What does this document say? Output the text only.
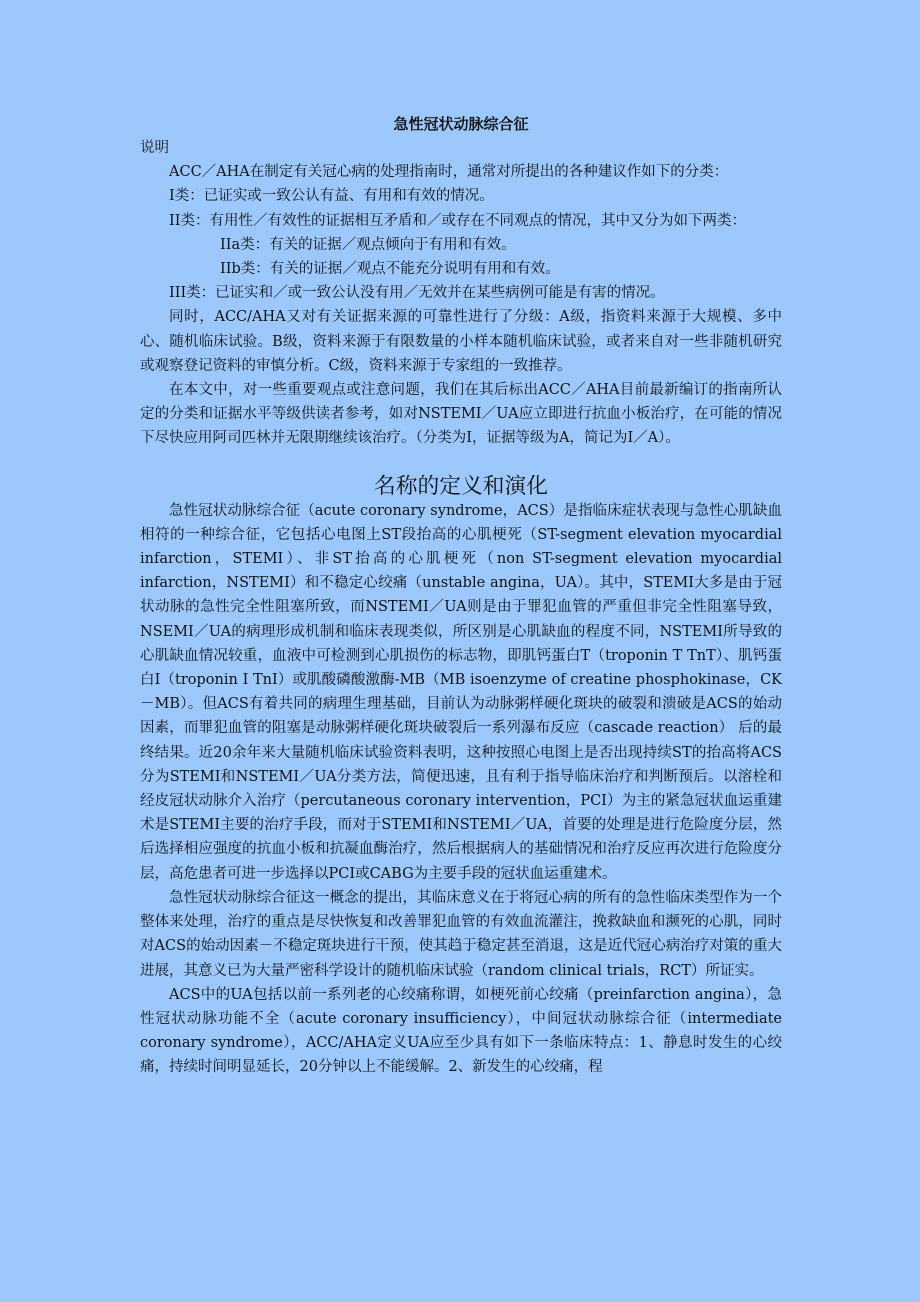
急性冠状动脉综合征

说明

ACC／AHA在制定有关冠心病的处理指南时，通常对所提出的各种建议作如下的分类：

I类：已证实或一致公认有益、有用和有效的情况。

II类：有用性／有效性的证据相互矛盾和／或存在不同观点的情况，其中又分为如下两类：

IIa类：有关的证据／观点倾向于有用和有效。

IIb类：有关的证据／观点不能充分说明有用和有效。

III类：已证实和／或一致公认没有用／无效并在某些病例可能是有害的情况。

同时，ACC/AHA又对有关证据来源的可靠性进行了分级：A级，指资料来源于大规模、多中心、随机临床试验。B级，资料来源于有限数量的小样本随机临床试验，或者来自对一些非随机研究或观察登记资料的审慎分析。C级，资料来源于专家组的一致推荐。

在本文中，对一些重要观点或注意问题，我们在其后标出ACC／AHA目前最新编订的指南所认定的分类和证据水平等级供读者参考，如对NSTEMI／UA应立即进行抗血小板治疗，在可能的情况下尽快应用阿司匹林并无限期继续该治疗。（分类为I，证据等级为A，简记为I／A）。

名称的定义和演化

急性冠状动脉综合征（acute coronary syndrome，ACS）是指临床症状表现与急性心肌缺血相符的一种综合征，它包括心电图上ST段抬高的心肌梗死（ST-segment elevation myocardial infarction，STEMI）、非ST抬高的心肌梗死（non ST-segment elevation myocardial infarction，NSTEMI）和不稳定心绞痛（unstable angina，UA）。其中，STEMI大多是由于冠状动脉的急性完全性阻塞所致，而NSTEMI／UA则是由于罪犯血管的严重但非完全性阻塞导致，NSEMI／UA的病理形成机制和临床表现类似，所区别是心肌缺血的程度不同，NSTEMI所导致的心肌缺血情况较重，血液中可检测到心肌损伤的标志物，即肌钙蛋白T（troponin T TnT）、肌钙蛋白I（troponin I TnI）或肌酸磷酸激酶-MB（MB isoenzyme of creatine phosphokinase，CK－MB）。但ACS有着共同的病理生理基础，目前认为动脉粥样硬化斑块的破裂和溃破是ACS的始动因素，而罪犯血管的阻塞是动脉粥样硬化斑块破裂后一系列瀑布反应（cascade reaction） 后的最终结果。近20余年来大量随机临床试验资料表明，这种按照心电图上是否出现持续ST的抬高将ACS分为STEMI和NSTEMI／UA分类方法，简便迅速，且有利于指导临床治疗和判断预后。以溶栓和经皮冠状动脉介入治疗（percutaneous coronary intervention，PCI）为主的紧急冠状血运重建术是STEMI主要的治疗手段，而对于STEMI和NSTEMI／UA，首要的处理是进行危险度分层，然后选择相应强度的抗血小板和抗凝血酶治疗，然后根据病人的基础情况和治疗反应再次进行危险度分层，高危患者可进一步选择以PCI或CABG为主要手段的冠状血运重建术。

急性冠状动脉综合征这一概念的提出，其临床意义在于将冠心病的所有的急性临床类型作为一个整体来处理，治疗的重点是尽快恢复和改善罪犯血管的有效血流灌注，挽救缺血和濒死的心肌，同时对ACS的始动因素－不稳定斑块进行干预，使其趋于稳定甚至消退，这是近代冠心病治疗对策的重大进展，其意义已为大量严密科学设计的随机临床试验（random clinical trials，RCT）所证实。

ACS中的UA包括以前一系列老的心绞痛称谓，如梗死前心绞痛（preinfarction angina），急性冠状动脉功能不全（acute coronary insufficiency），中间冠状动脉综合征（intermediate coronary syndrome），ACC/AHA定义UA应至少具有如下一条临床特点：1、静息时发生的心绞痛，持续时间明显延长，20分钟以上不能缓解。2、新发生的心绞痛，程
